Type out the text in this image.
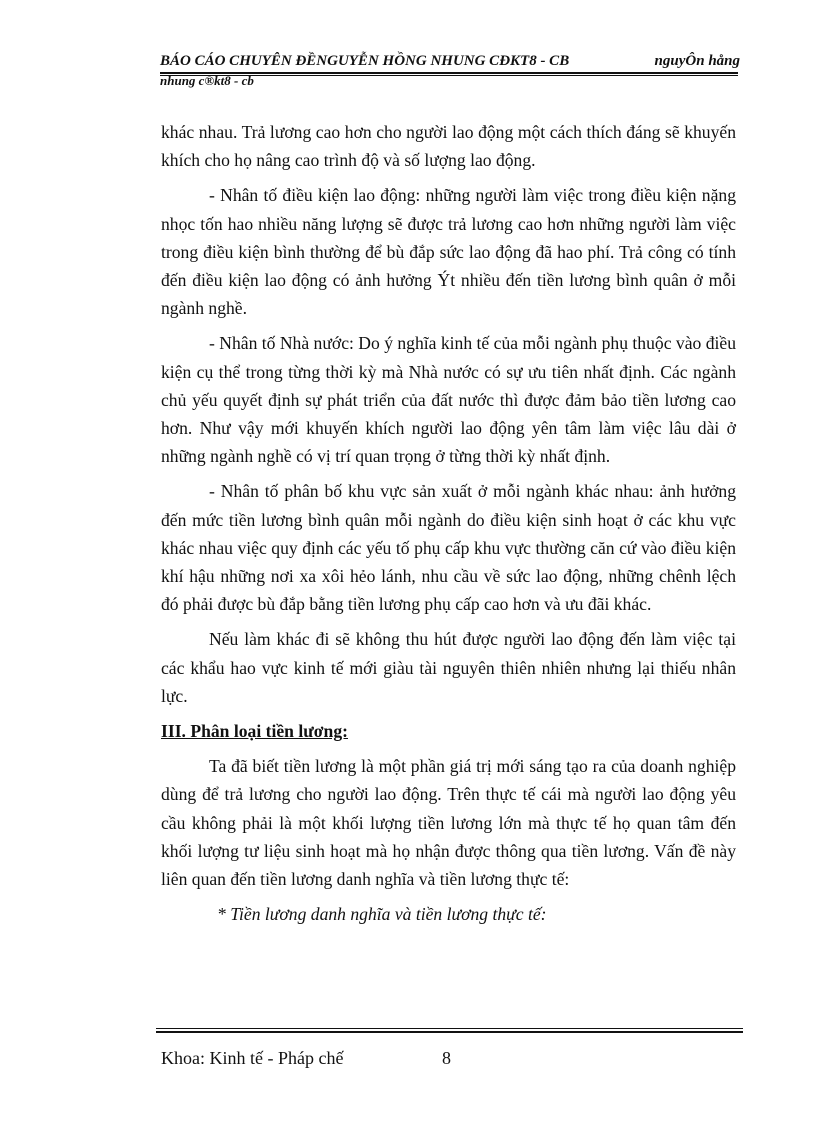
BÁO CÁO CHUYÊN ĐỀNGUYỄN HỒNG NHUNG CĐKT8 - CB	nguyÔn hång
nhung c®kt8 - cb

khác nhau. Trả lương cao hơn cho người lao động một cách thích đáng sẽ khuyến khích cho họ nâng cao trình độ và số lượng lao động.

- Nhân tố điều kiện lao động: những người làm việc trong điều kiện nặng nhọc tốn hao nhiều năng lượng sẽ được trả lương cao hơn những người làm việc trong điều kiện bình thường để bù đắp sức lao động đã hao phí. Trả công có tính đến điều kiện lao động có ảnh hưởng Ýt nhiều đến tiền lương bình quân ở mỗi ngành nghề.

- Nhân tố Nhà nước: Do ý nghĩa kinh tế của mỗi ngành phụ thuộc vào điều kiện cụ thể trong từng thời kỳ mà Nhà nước có sự ưu tiên nhất định. Các ngành chủ yếu quyết định sự phát triển của đất nước thì được đảm bảo tiền lương cao hơn. Như vậy mới khuyến khích người lao động yên tâm làm việc lâu dài ở những ngành nghề có vị trí quan trọng ở từng thời kỳ nhất định.

- Nhân tố phân bố khu vực sản xuất ở mỗi ngành khác nhau: ảnh hưởng đến mức tiền lương bình quân mỗi ngành do điều kiện sinh hoạt ở các khu vực khác nhau việc quy định các yếu tố phụ cấp khu vực thường căn cứ vào điều kiện khí hậu những nơi xa xôi hẻo lánh, nhu cầu về sức lao động, những chênh lệch đó phải được bù đắp bằng tiền lương phụ cấp cao hơn và ưu đãi khác.

Nếu làm khác đi sẽ không thu hút được người lao động đến làm việc tại các khẩu hao vực kinh tế mới giàu tài nguyên thiên nhiên nhưng lại thiếu nhân lực.

III. Phân loại tiền lương:

Ta đã biết tiền lương là một phần giá trị mới sáng tạo ra của doanh nghiệp dùng để trả lương cho người lao động. Trên thực tế cái mà người lao động yêu cầu không phải là một khối lượng tiền lương lớn mà thực tế họ quan tâm đến khối lượng tư liệu sinh hoạt mà họ nhận được thông qua tiền lương. Vấn đề này liên quan đến tiền lương danh nghĩa và tiền lương thực tế:

* Tiền lương danh nghĩa và tiền lương thực tế:

Khoa: Kinh tế - Pháp chế	8
